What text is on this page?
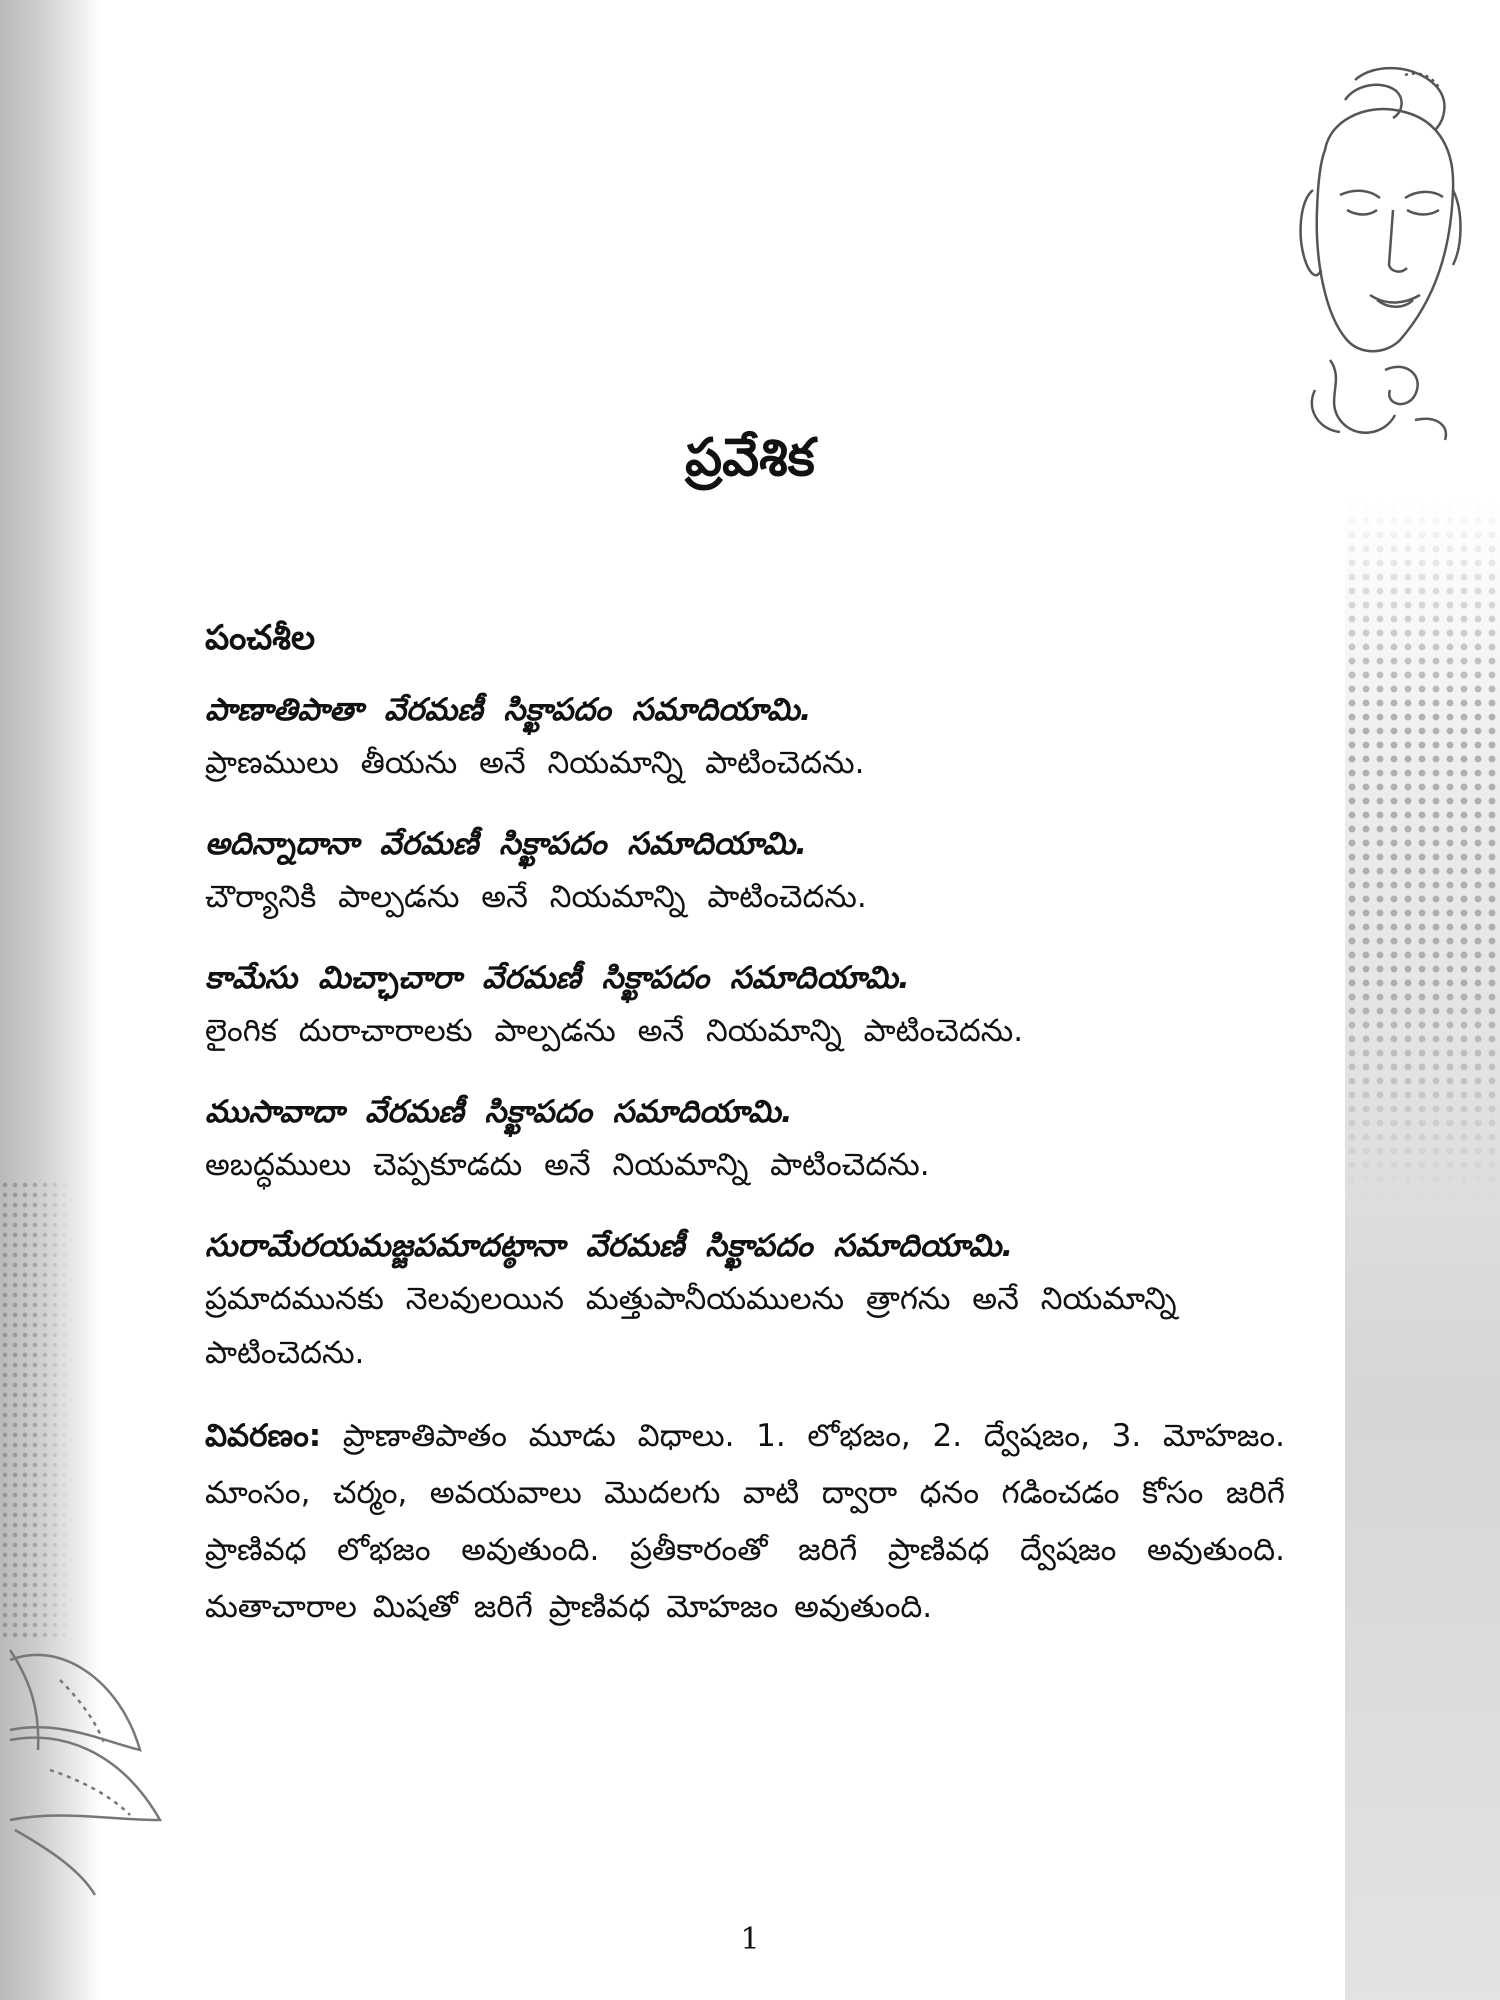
ప్రవేశిక
పంచశీల

పాణాతిపాతా వేరమణీ సిక్ఖాపదం సమాదియామి.

ప్రాణములు తీయను అనే నియమాన్ని పాటించెదను.

అదిన్నాదానా వేరమణీ సిక్ఖాపదం సమాదియామి.

చౌర్యానికి పాల్పడను అనే నియమాన్ని పాటించెదను.

కామేసు మిచ్ఛాచారా వేరమణీ సిక్ఖాపదం సమాదియామి.

లైంగిక దురాచారాలకు పాల్పడను అనే నియమాన్ని పాటించెదను.

ముసావాదా వేరమణీ సిక్ఖాపదం సమాదియామి.

అబద్ధములు చెప్పకూడదు అనే నియమాన్ని పాటించెదను.

సురామేరయమజ్జపమాదట్ఠానా వేరమణీ సిక్ఖాపదం సమాదియామి.

ప్రమాదమునకు నెలవులయిన మత్తుపానీయములను త్రాగను అనే నియమాన్ని పాటించెదను.

వివరణం: ప్రాణాతిపాతం మూడు విధాలు. 1. లోభజం, 2. ద్వేషజం, 3. మోహజం. మాంసం, చర్మం, అవయవాలు మొదలగు వాటి ద్వారా ధనం గడించడం కోసం జరిగే ప్రాణివధ లోభజం అవుతుంది. ప్రతీకారంతో జరిగే ప్రాణివధ ద్వేషజం అవుతుంది. మతాచారాల మిషతో జరిగే ప్రాణివధ మోహజం అవుతుంది.

1
